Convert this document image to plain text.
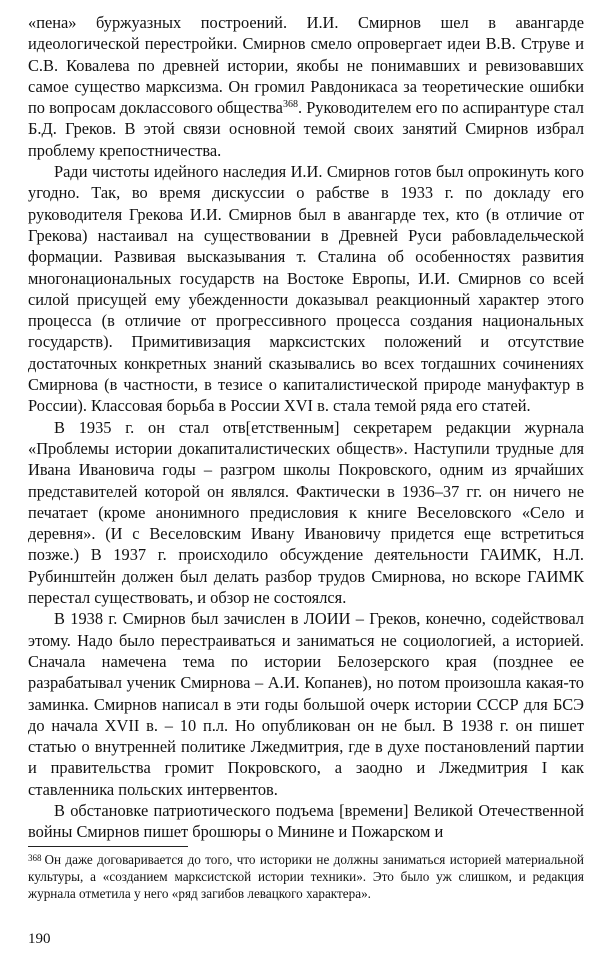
«пена» буржуазных построений. И.И. Смирнов шел в авангарде идеологической перестройки. Смирнов смело опровергает идеи В.В. Струве и С.В. Ковалева по древней истории, якобы не понимавших и ревизовавших самое существо марксизма. Он громил Равдоникаса за теоретические ошибки по вопросам доклассового общества$^{368}$. Руководителем его по аспирантуре стал Б.Д. Греков. В этой связи основной темой своих занятий Смирнов избрал проблему крепостничества.

Ради чистоты идейного наследия И.И. Смирнов готов был опрокинуть кого угодно. Так, во время дискуссии о рабстве в 1933 г. по докладу его руководителя Грекова И.И. Смирнов был в авангарде тех, кто (в отличие от Грекова) настаивал на существовании в Древней Руси рабовладельческой формации. Развивая высказывания т. Сталина об особенностях развития многонациональных государств на Востоке Европы, И.И. Смирнов со всей силой присущей ему убежденности доказывал реакционный характер этого процесса (в отличие от прогрессивного процесса создания национальных государств). Примитивизация марксистских положений и отсутствие достаточных конкретных знаний сказывались во всех тогдашних сочинениях Смирнова (в частности, в тезисе о капиталистической природе мануфактур в России). Классовая борьба в России XVI в. стала темой ряда его статей.

В 1935 г. он стал отв[етственным] секретарем редакции журнала «Проблемы истории докапиталистических обществ». Наступили трудные для Ивана Ивановича годы – разгром школы Покровского, одним из ярчайших представителей которой он являлся. Фактически в 1936–37 гг. он ничего не печатает (кроме анонимного предисловия к книге Веселовского «Село и деревня». (И с Веселовским Ивану Ивановичу придется еще встретиться позже.) В 1937 г. происходило обсуждение деятельности ГАИМК, Н.Л. Рубинштейн должен был делать разбор трудов Смирнова, но вскоре ГАИМК перестал существовать, и обзор не состоялся.

В 1938 г. Смирнов был зачислен в ЛОИИ – Греков, конечно, содействовал этому. Надо было перестраиваться и заниматься не социологией, а историей. Сначала намечена тема по истории Белозерского края (позднее ее разрабатывал ученик Смирнова – А.И. Копанев), но потом произошла какая-то заминка. Смирнов написал в эти годы большой очерк истории СССР для БСЭ до начала XVII в. – 10 п.л. Но опубликован он не был. В 1938 г. он пишет статью о внутренней политике Лжедмитрия, где в духе постановлений партии и правительства громит Покровского, а заодно и Лжедмитрия I как ставленника польских интервентов.

В обстановке патриотического подъема [времени] Великой Отечественной войны Смирнов пишет брошюры о Минине и Пожарском и

$^{368}$ Он даже договаривается до того, что историки не должны заниматься историей материальной культуры, а «созданием марксистской истории техники». Это было уж слишком, и редакция журнала отметила у него «ряд загибов левацкого характера».

190
